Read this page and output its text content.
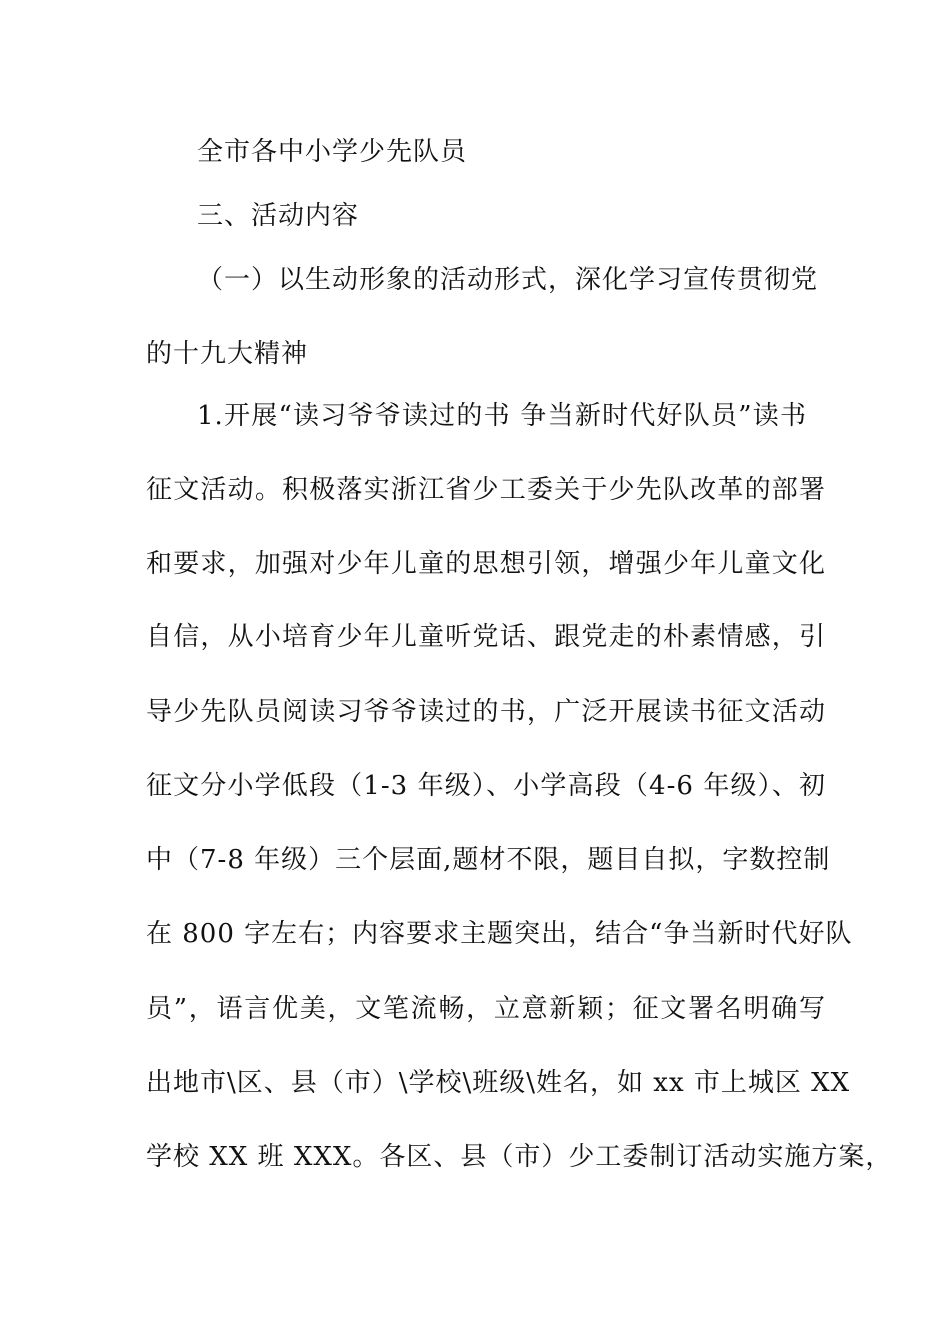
全市各中小学少先队员
三、活动内容
（一）以生动形象的活动形式，深化学习宣传贯彻党
的十九大精神
1.开展“读习爷爷读过的书 争当新时代好队员”读书
征文活动。积极落实浙江省少工委关于少先队改革的部署
和要求，加强对少年儿童的思想引领，增强少年儿童文化
自信，从小培育少年儿童听党话、跟党走的朴素情感，引
导少先队员阅读习爷爷读过的书，广泛开展读书征文活动
征文分小学低段（1-3 年级）、小学高段（4-6 年级）、初
中（7-8 年级）三个层面,题材不限，题目自拟，字数控制
在 800 字左右；内容要求主题突出，结合“争当新时代好队
员”，语言优美，文笔流畅，立意新颖；征文署名明确写
出地市\区、县（市）\学校\班级\姓名，如 xx 市上城区 XX
学校 XX 班 XXX。各区、县（市）少工委制订活动实施方案，
